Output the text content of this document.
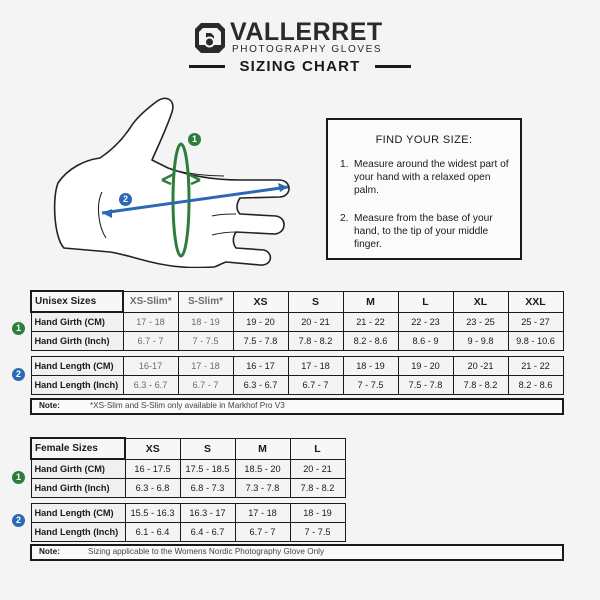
VALLERRET
PHOTOGRAPHY GLOVES
SIZING CHART
1
2
FIND YOUR SIZE:
1. Measure around the widest part of your hand with a relaxed open palm.
2. Measure from the base of your hand, to the tip of your middle finger.
Unisex Sizes	XS-Slim*	S-Slim*	XS	S	M	L	XL	XXL
Hand Girth (CM)	17 - 18	18 - 19	19 - 20	20 - 21	21 - 22	22 - 23	23 - 25	25 - 27
Hand Girth (Inch)	6.7 - 7	7 - 7.5	7.5 - 7.8	7.8 - 8.2	8.2 - 8.6	8.6 - 9	9 - 9.8	9.8 - 10.6

Hand Length (CM)	16-17	17 - 18	16 - 17	17 - 18	18 - 19	19 - 20	20 -21	21 - 22
Hand Length (Inch)	6.3 - 6.7	6.7 - 7	6.3 - 6.7	6.7 - 7	7 - 7.5	7.5 - 7.8	7.8 - 8.2	8.2 - 8.6
1
2
Note:	*XS-Slim and S-Slim only available in Markhof Pro V3
Female Sizes	XS	S	M	L
Hand Girth (CM)	16 - 17.5	17.5 - 18.5	18.5 - 20	20 - 21
Hand Girth (Inch)	6.3 - 6.8	6.8 - 7.3	7.3 - 7.8	7.8 - 8.2

Hand Length (CM)	15.5 - 16.3	16.3 - 17	17 - 18	18 - 19
Hand Length (Inch)	6.1 - 6.4	6.4 - 6.7	6.7 - 7	7 - 7.5
1
2
Note:	Sizing applicable to the Womens Nordic Photography Glove Only
